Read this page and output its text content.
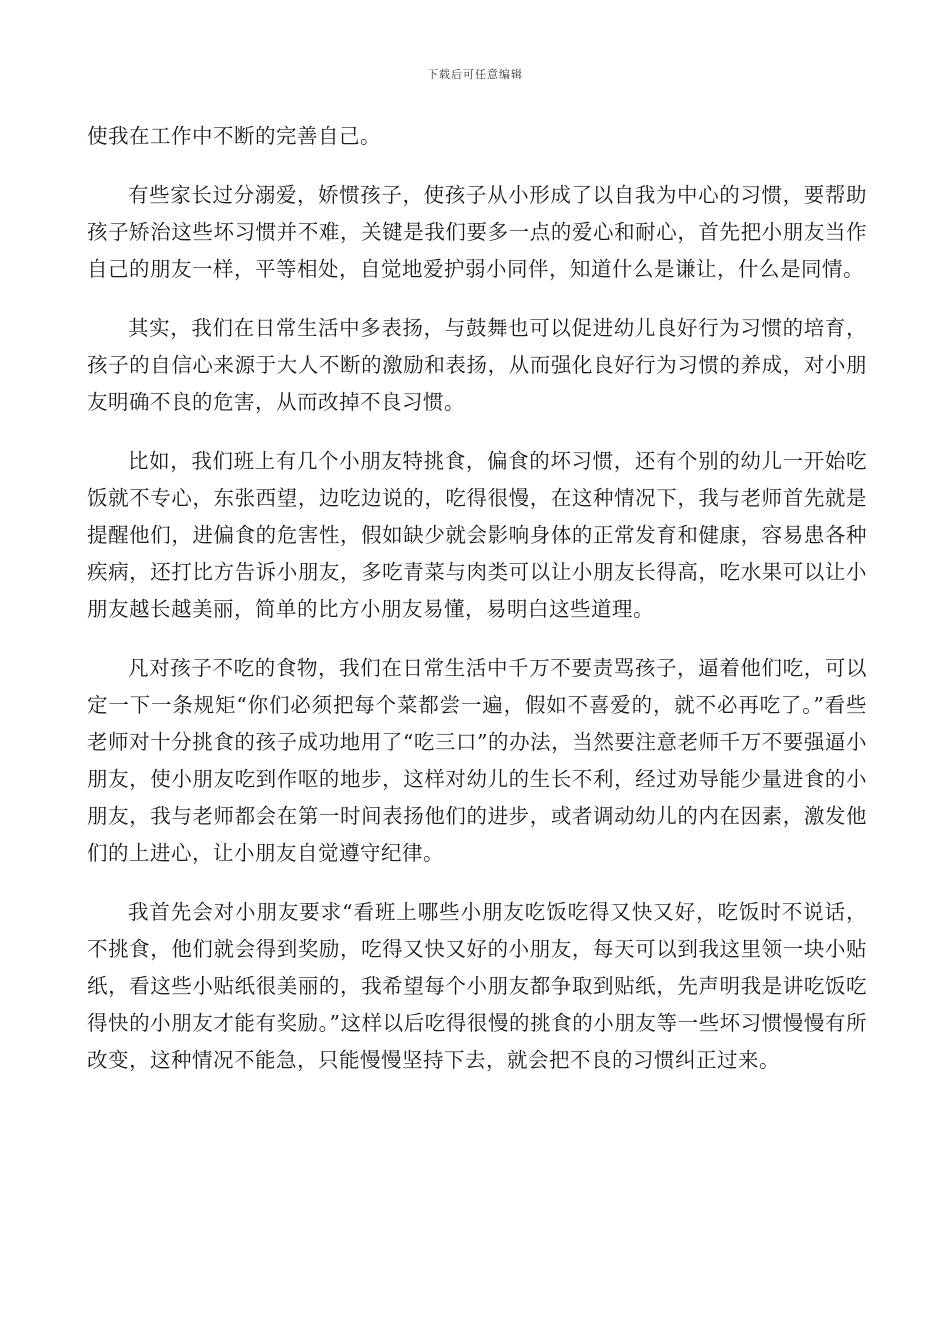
下载后可任意编辑

使我在工作中不断的完善自己。

有些家长过分溺爱，娇惯孩子，使孩子从小形成了以自我为中心的习惯，要帮助孩子矫治这些坏习惯并不难，关键是我们要多一点的爱心和耐心，首先把小朋友当作自己的朋友一样，平等相处，自觉地爱护弱小同伴，知道什么是谦让，什么是同情。

其实，我们在日常生活中多表扬，与鼓舞也可以促进幼儿良好行为习惯的培育，孩子的自信心来源于大人不断的激励和表扬，从而强化良好行为习惯的养成，对小朋友明确不良的危害，从而改掉不良习惯。

比如，我们班上有几个小朋友特挑食，偏食的坏习惯，还有个别的幼儿一开始吃饭就不专心，东张西望，边吃边说的，吃得很慢，在这种情况下，我与老师首先就是提醒他们，进偏食的危害性，假如缺少就会影响身体的正常发育和健康，容易患各种疾病，还打比方告诉小朋友，多吃青菜与肉类可以让小朋友长得高，吃水果可以让小朋友越长越美丽，简单的比方小朋友易懂，易明白这些道理。

凡对孩子不吃的食物，我们在日常生活中千万不要责骂孩子，逼着他们吃，可以定一下一条规矩“你们必须把每个菜都尝一遍，假如不喜爱的，就不必再吃了。”看些老师对十分挑食的孩子成功地用了“吃三口”的办法，当然要注意老师千万不要强逼小朋友，使小朋友吃到作呕的地步，这样对幼儿的生长不利，经过劝导能少量进食的小朋友，我与老师都会在第一时间表扬他们的进步，或者调动幼儿的内在因素，激发他们的上进心，让小朋友自觉遵守纪律。

我首先会对小朋友要求“看班上哪些小朋友吃饭吃得又快又好，吃饭时不说话，不挑食，他们就会得到奖励，吃得又快又好的小朋友，每天可以到我这里领一块小贴纸，看这些小贴纸很美丽的，我希望每个小朋友都争取到贴纸，先声明我是讲吃饭吃得快的小朋友才能有奖励。”这样以后吃得很慢的挑食的小朋友等一些坏习惯慢慢有所改变，这种情况不能急，只能慢慢坚持下去，就会把不良的习惯纠正过来。
